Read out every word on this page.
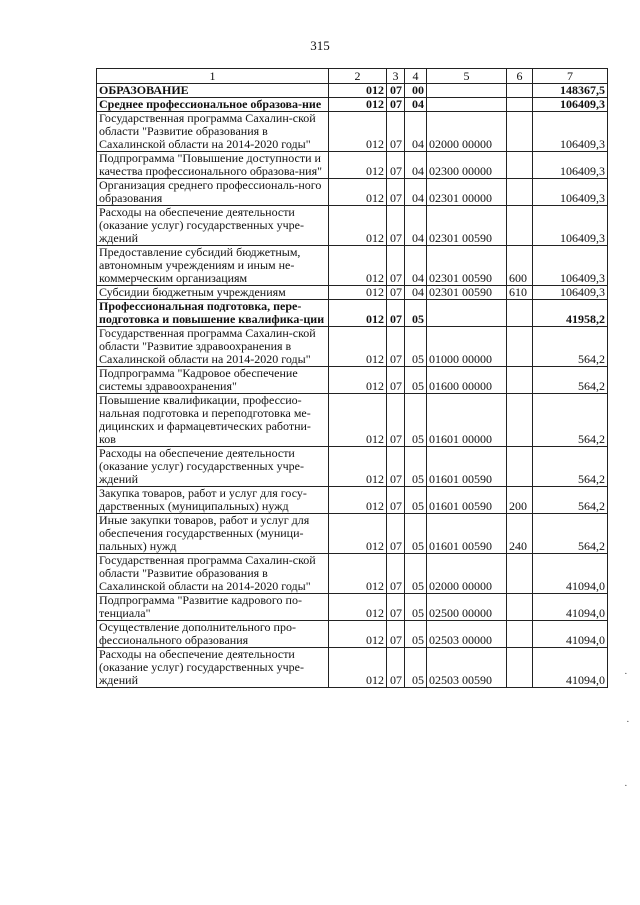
315
1	2	3	4	5	6	7
ОБРАЗОВАНИЕ	012	07	00			148367,5
Среднее профессиональное образова-ние	012	07	04			106409,3
Государственная программа Сахалин-ской области "Развитие образования в Сахалинской области на 2014-2020 годы"	012	07	04	02000 00000		106409,3
Подпрограмма "Повышение доступности и качества профессионального образова-ния"	012	07	04	02300 00000		106409,3
Организация среднего профессиональ-ного образования	012	07	04	02301 00000		106409,3
Расходы на обеспечение деятельности (оказание услуг) государственных учре-ждений	012	07	04	02301 00590		106409,3
Предоставление субсидий бюджетным, автономным учреждениям и иным не-коммерческим организациям	012	07	04	02301 00590	600	106409,3
Субсидии бюджетным учреждениям	012	07	04	02301 00590	610	106409,3
Профессиональная подготовка, пере-подготовка и повышение квалифика-ции	012	07	05			41958,2
Государственная программа Сахалин-ской области "Развитие здравоохранения в Сахалинской области на 2014-2020 годы"	012	07	05	01000 00000		564,2
Подпрограмма "Кадровое обеспечение системы здравоохранения"	012	07	05	01600 00000		564,2
Повышение квалификации, профессио-нальная подготовка и переподготовка ме-дицинских и фармацевтических работни-ков	012	07	05	01601 00000		564,2
Расходы на обеспечение деятельности (оказание услуг) государственных учре-ждений	012	07	05	01601 00590		564,2
Закупка товаров, работ и услуг для госу-дарственных (муниципальных) нужд	012	07	05	01601 00590	200	564,2
Иные закупки товаров, работ и услуг для обеспечения государственных (муници-пальных) нужд	012	07	05	01601 00590	240	564,2
Государственная программа Сахалин-ской области "Развитие образования в Сахалинской области на 2014-2020 годы"	012	07	05	02000 00000		41094,0
Подпрограмма "Развитие кадрового по-тенциала"	012	07	05	02500 00000		41094,0
Осуществление дополнительного про-фессионального образования	012	07	05	02503 00000		41094,0
Расходы на обеспечение деятельности (оказание услуг) государственных учре-ждений	012	07	05	02503 00590		41094,0 ·
·
·
